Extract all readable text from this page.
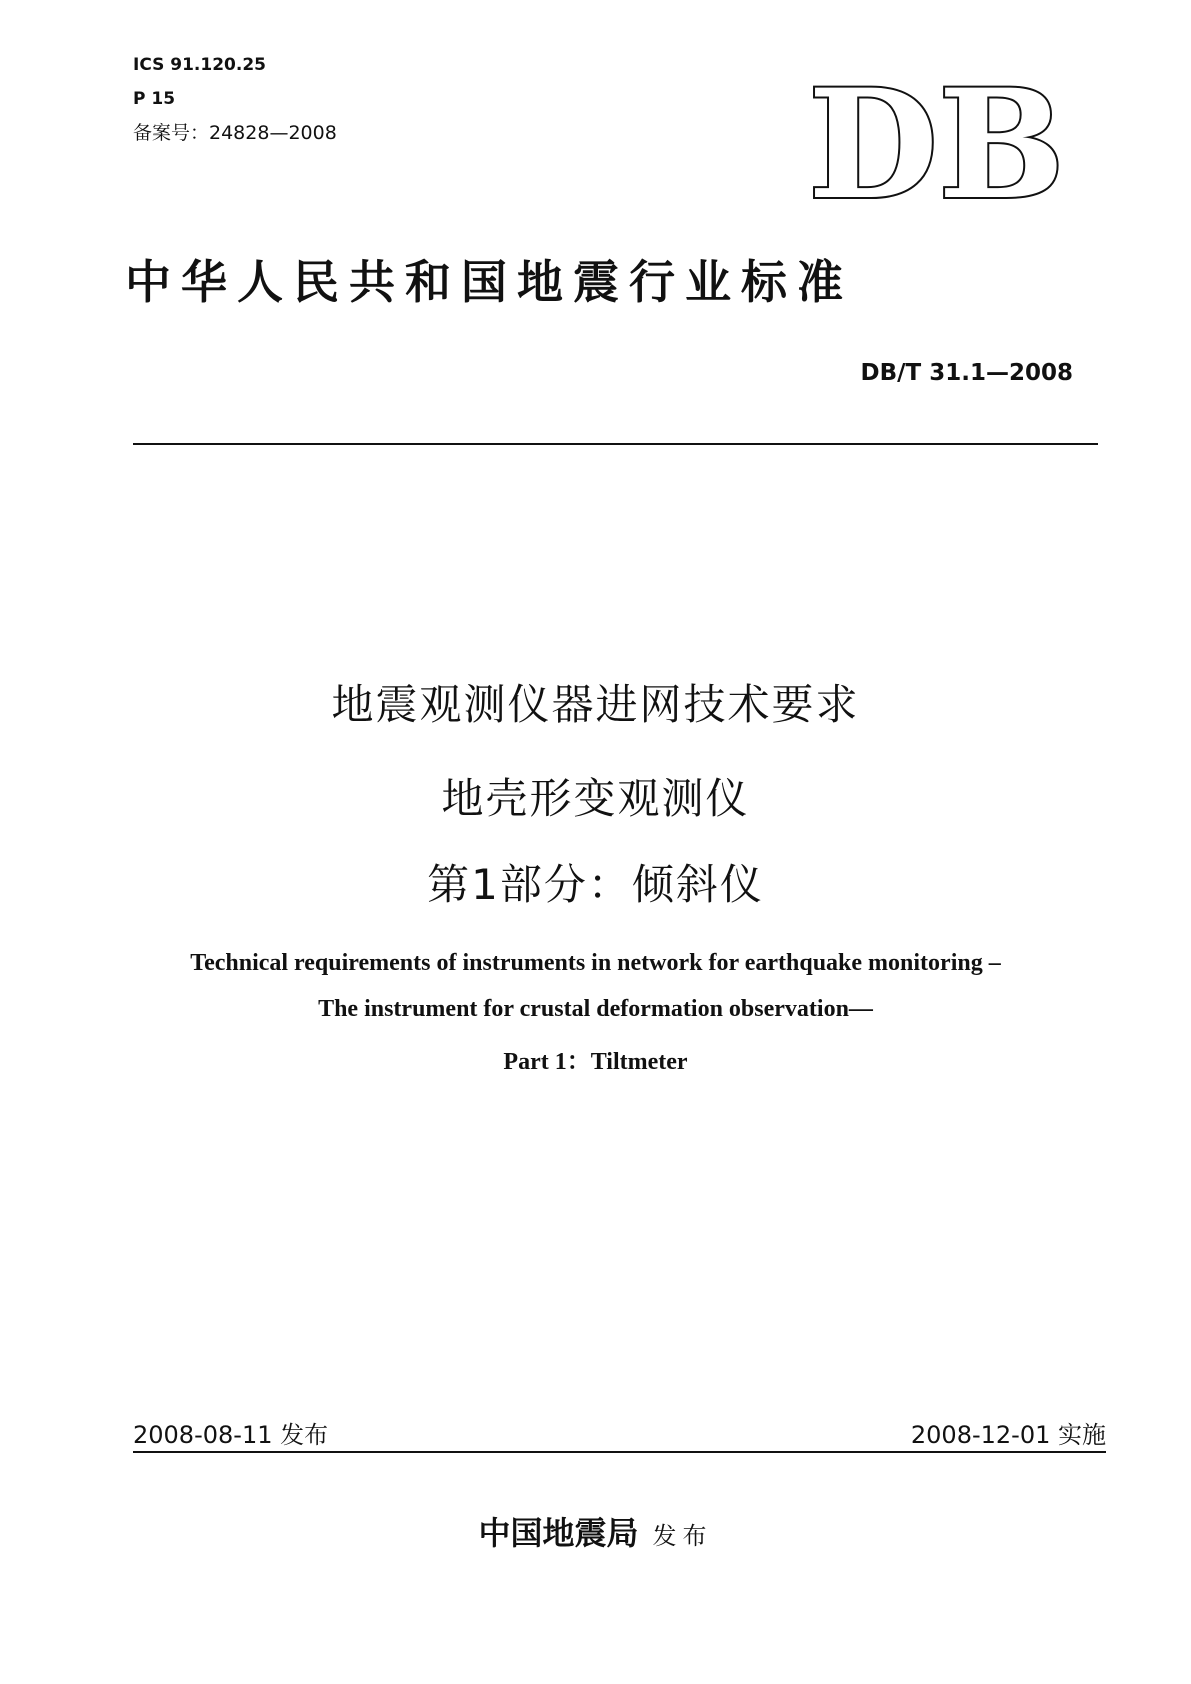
ICS 91.120.25
P 15
备案号：24828—2008	DB
中华人民共和国地震行业标准
DB/T 31.1—2008
地震观测仪器进网技术要求
地壳形变观测仪
第1部分：倾斜仪
Technical requirements of instruments in network for earthquake monitoring –
The instrument for crustal deformation observation—
Part 1：Tiltmeter
2008-08-11 发布	2008-12-01 实施
中国地震局 发布
